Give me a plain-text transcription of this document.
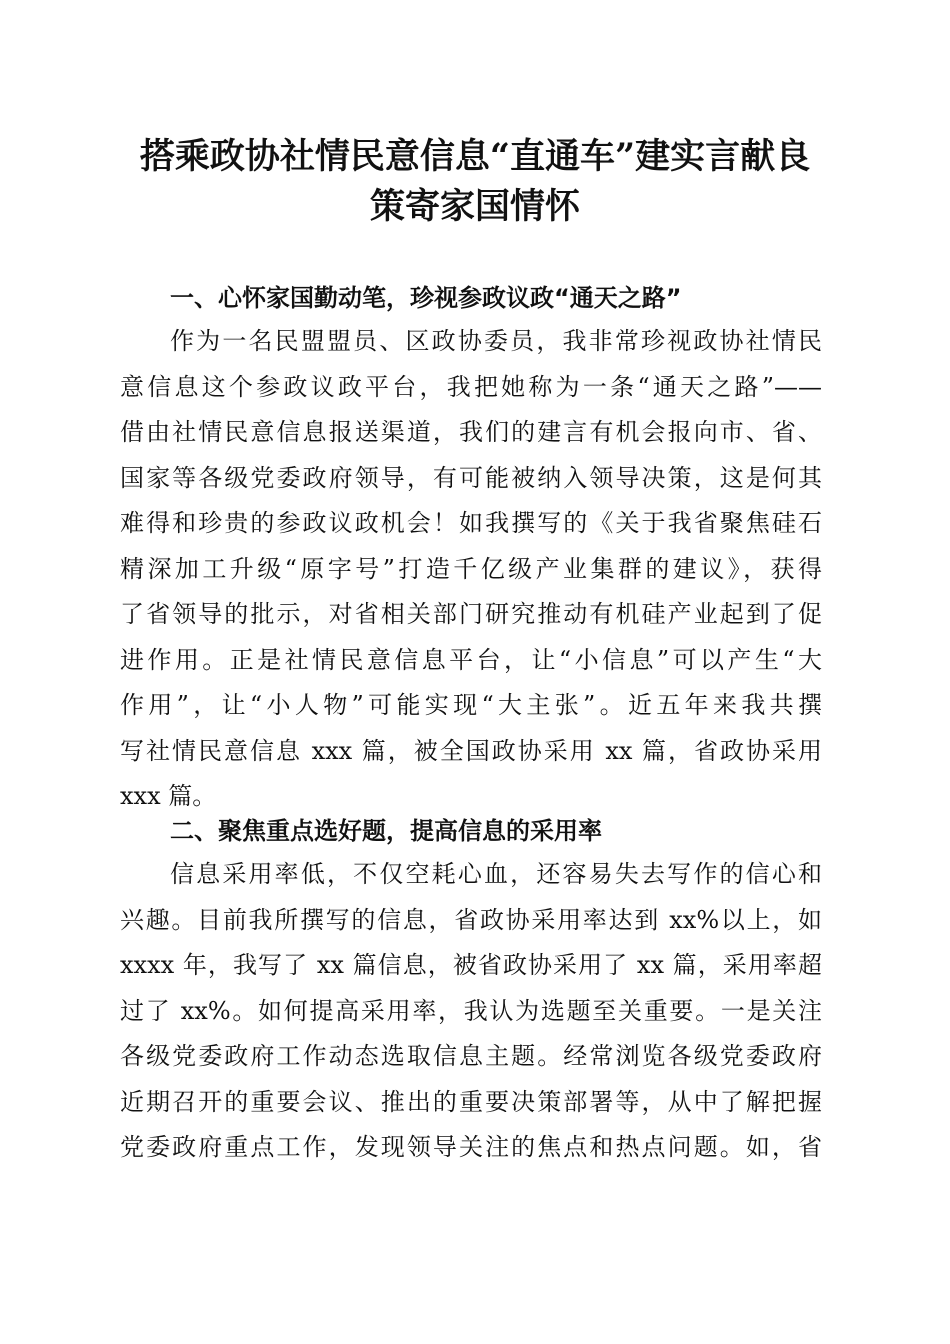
搭乘政协社情民意信息“直通车”建实言献良
策寄家国情怀
一、心怀家国勤动笔，珍视参政议政“通天之路”
作为一名民盟盟员、区政协委员，我非常珍视政协社情民
意信息这个参政议政平台，我把她称为一条“通天之路”——
借由社情民意信息报送渠道，我们的建言有机会报向市、省、
国家等各级党委政府领导，有可能被纳入领导决策，这是何其
难得和珍贵的参政议政机会！如我撰写的《关于我省聚焦硅石
精深加工升级“原字号”打造千亿级产业集群的建议》，获得
了省领导的批示，对省相关部门研究推动有机硅产业起到了促
进作用。正是社情民意信息平台，让“小信息”可以产生“大
作用”，让“小人物”可能实现“大主张”。近五年来我共撰
写社情民意信息 xxx 篇，被全国政协采用 xx 篇，省政协采用
xxx 篇。
二、聚焦重点选好题，提高信息的采用率
信息采用率低，不仅空耗心血，还容易失去写作的信心和
兴趣。目前我所撰写的信息，省政协采用率达到 xx%以上，如
xxxx 年，我写了 xx 篇信息，被省政协采用了 xx 篇，采用率超
过了 xx%。如何提高采用率，我认为选题至关重要。一是关注
各级党委政府工作动态选取信息主题。经常浏览各级党委政府
近期召开的重要会议、推出的重要决策部署等，从中了解把握
党委政府重点工作，发现领导关注的焦点和热点问题。如，省
